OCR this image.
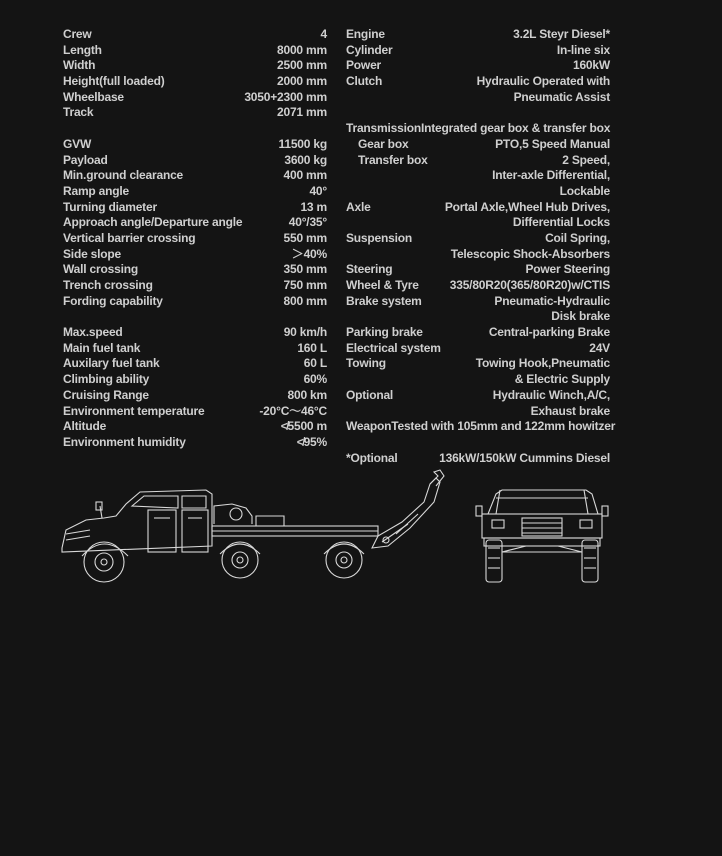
Crew	4
Length	8000 mm
Width	2500 mm
Height(full loaded)	2000 mm
Wheelbase	3050+2300 mm
Track	2071 mm
GVW	11500 kg
Payload	3600 kg
Min.ground clearance	400 mm
Ramp angle	40°
Turning diameter	13 m
Approach angle/Departure angle	40°/35°
Vertical barrier crossing	550 mm
Side slope	＞40%
Wall crossing	350 mm
Trench crossing	750 mm
Fording capability	800 mm
Max.speed	90 km/h
Main fuel tank	160 L
Auxilary fuel tank	60 L
Climbing ability	60%
Cruising Range	800 km
Environment temperature	-20°C～46°C
Altitude	≮5500 m
Environment humidity	≮95%
Engine	3.2L Steyr Diesel*
Cylinder	In-line six
Power	160kW
Clutch	Hydraulic Operated with
Pneumatic Assist
Transmission Integrated gear box & transfer box
Gear box	PTO,5 Speed Manual
Transfer box	2 Speed,
Inter-axle Differential,
Lockable
Axle	Portal Axle,Wheel Hub Drives,
Differential Locks
Suspension	Coil Spring,
Telescopic Shock-Absorbers
Steering	Power Steering
Wheel & Tyre	335/80R20(365/80R20)w/CTIS
Brake system	Pneumatic-Hydraulic
Disk brake
Parking brake	Central-parking Brake
Electrical system	24V
Towing	Towing Hook,Pneumatic
& Electric Supply
Optional	Hydraulic Winch,A/C,
Exhaust brake
Weapon Tested with 105mm and 122mm howitzer
*Optional	136kW/150kW Cummins Diesel
